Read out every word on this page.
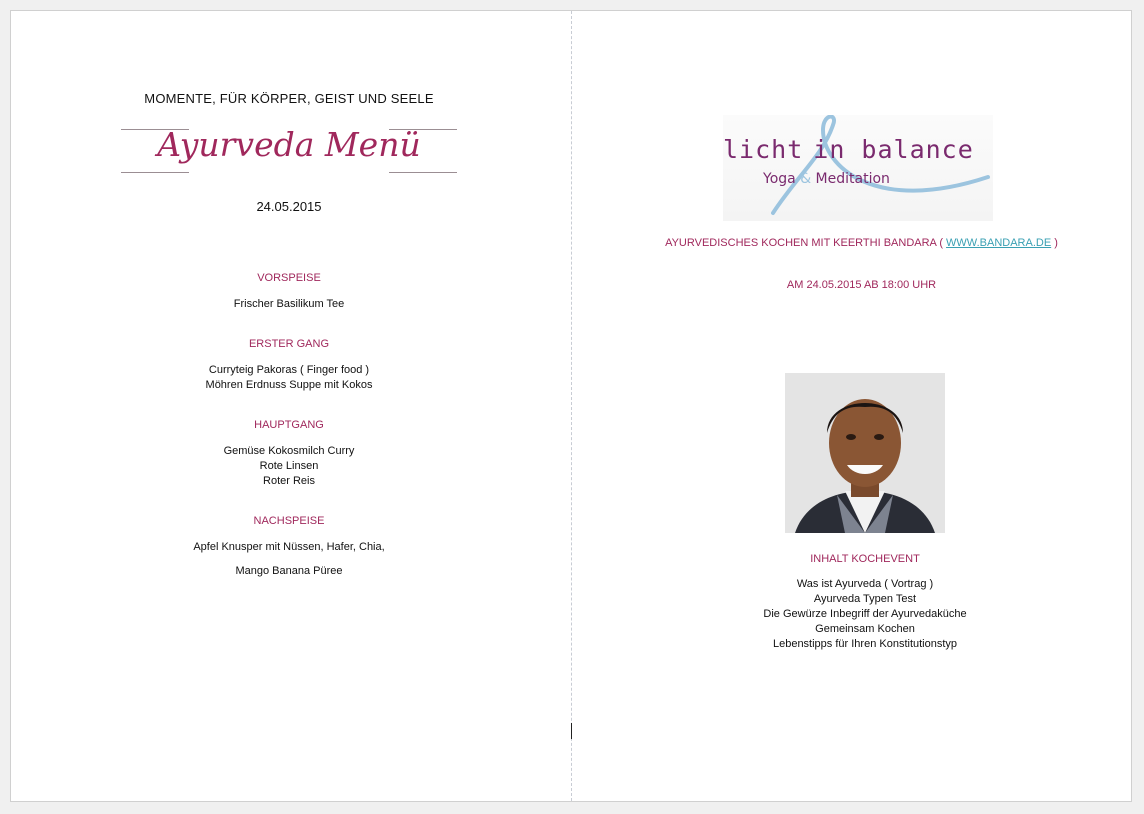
MOMENTE, FÜR KÖRPER, GEIST UND SEELE
Ayurveda Menü
24.05.2015
VORSPEISE
Frischer Basilikum Tee
ERSTER GANG
Curryteig Pakoras ( Finger food )
Möhren Erdnuss Suppe mit Kokos
HAUPTGANG
Gemüse Kokosmilch Curry
Rote Linsen
Roter Reis
NACHSPEISE
Apfel Knusper mit Nüssen, Hafer, Chia,
Mango Banana Püree
licht in balance
Yoga & Meditation
AYURVEDISCHES KOCHEN MIT KEERTHI BANDARA ( WWW.BANDARA.DE )
AM 24.05.2015 AB 18:00 UHR
INHALT KOCHEVENT
Was ist Ayurveda ( Vortrag )
Ayurveda Typen Test
Die Gewürze Inbegriff der Ayurvedaküche
Gemeinsam Kochen
Lebenstipps für Ihren Konstitutionstyp
